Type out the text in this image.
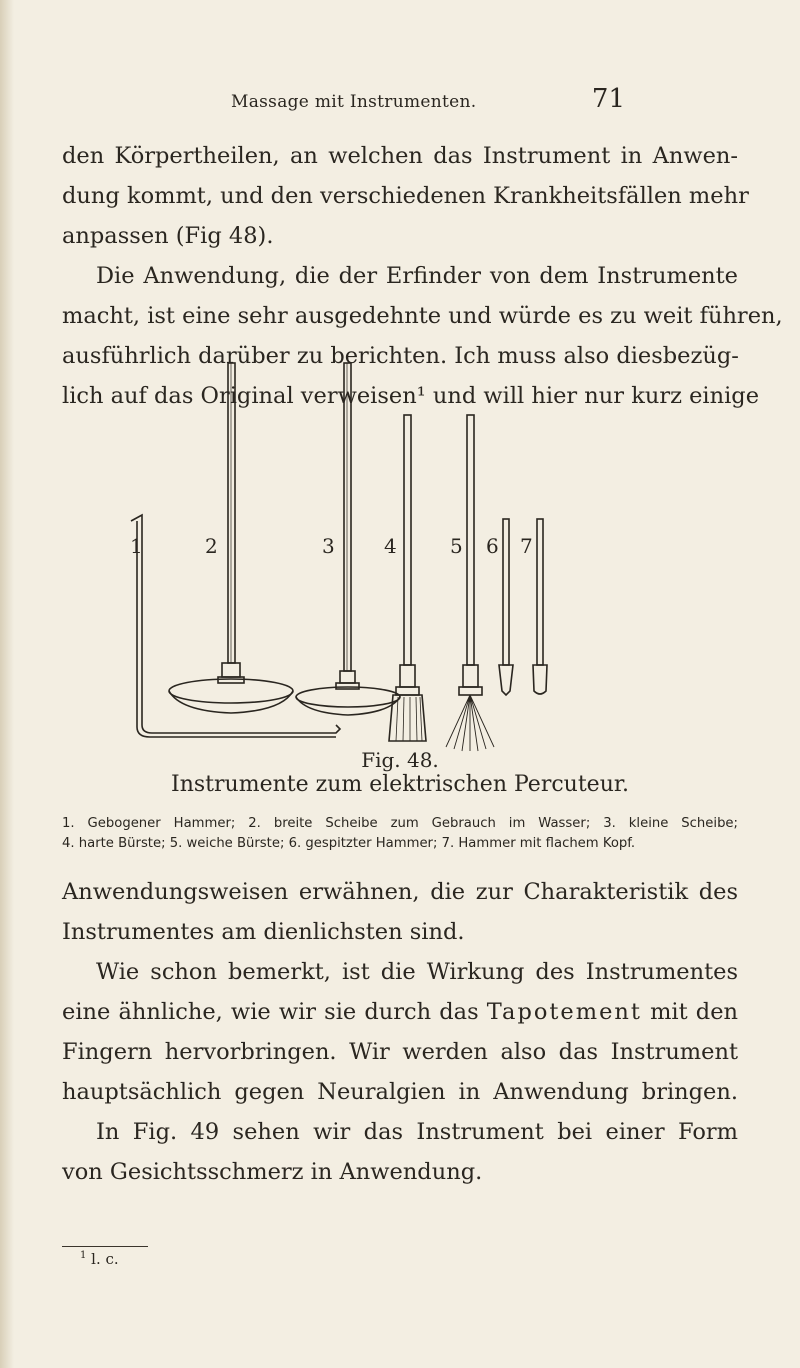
Massage mit Instrumenten.	71
den Körpertheilen, an welchen das Instrument in Anwen-
dung kommt, und den verschiedenen Krankheitsfällen mehr
anpassen (Fig 48).
Die Anwendung, die der Erfinder von dem Instrumente
macht, ist eine sehr ausgedehnte und würde es zu weit führen,
ausführlich darüber zu berichten. Ich muss also diesbezüg-
lich auf das Original verweisen¹ und will hier nur kurz einige
1	2	3 4	5 6 7
Fig. 48.
Instrumente zum elektrischen Percuteur.
1. Gebogener Hammer; 2. breite Scheibe zum Gebrauch im Wasser; 3. kleine Scheibe;
4. harte Bürste; 5. weiche Bürste; 6. gespitzter Hammer; 7. Hammer mit flachem Kopf.
Anwendungsweisen erwähnen, die zur Charakteristik des
Instrumentes am dienlichsten sind.
Wie schon bemerkt, ist die Wirkung des Instrumentes
eine ähnliche, wie wir sie durch das Tapotement mit den
Fingern hervorbringen. Wir werden also das Instrument
hauptsächlich gegen Neuralgien in Anwendung bringen.
In Fig. 49 sehen wir das Instrument bei einer Form
von Gesichtsschmerz in Anwendung.
$^1$ l. c.
